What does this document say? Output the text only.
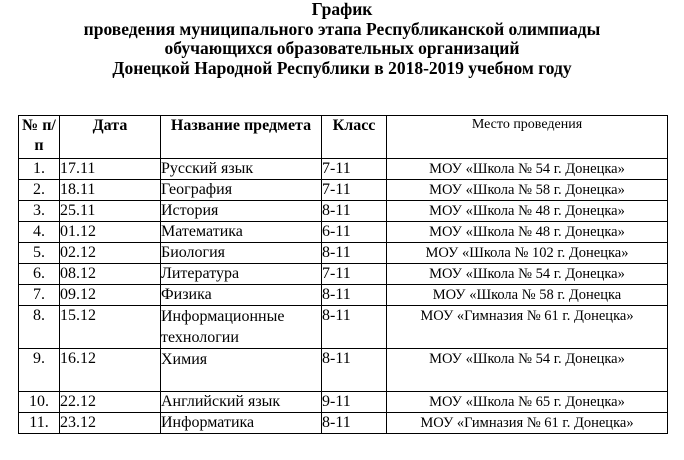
График
проведения муниципального этапа Республиканской олимпиады
обучающихся образовательных организаций
Донецкой Народной Республики в 2018-2019 учебном году
№ п/п	Дата	Название предмета	Класс	Место проведения
1.	17.11	Русский язык	7-11	МОУ «Школа № 54 г. Донецка»
2.	18.11	География	7-11	МОУ «Школа № 58 г. Донецка»
3.	25.11	История	8-11	МОУ «Школа № 48 г. Донецка»
4.	01.12	Математика	6-11	МОУ «Школа № 48 г. Донецка»
5.	02.12	Биология	8-11	МОУ «Школа № 102 г. Донецка»
6.	08.12	Литература	7-11	МОУ «Школа № 54 г. Донецка»
7.	09.12	Физика	8-11	МОУ «Школа № 58 г. Донецка
8.	15.12	Информационные технологии	8-11	МОУ «Гимназия № 61 г. Донецка»
9.	16.12	Химия	8-11	МОУ «Школа № 54 г. Донецка»
10.	22.12	Английский язык	9-11	МОУ «Школа № 65 г. Донецка»
11.	23.12	Информатика	8-11	МОУ «Гимназия № 61 г. Донецка»
